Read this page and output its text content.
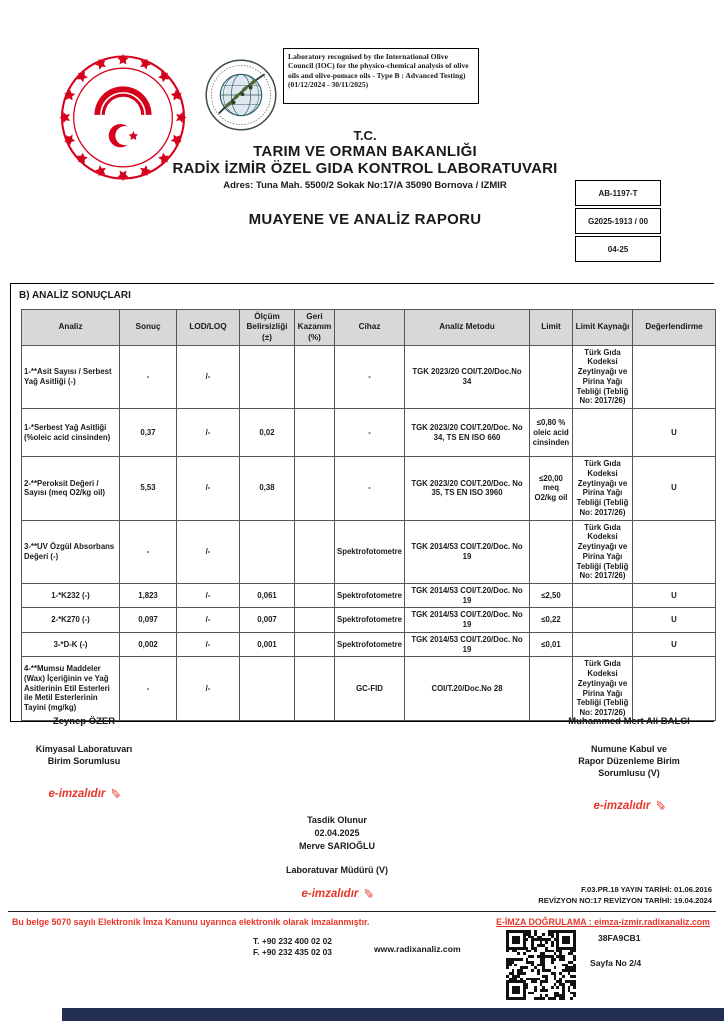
Laboratory recognised by the International Olive Council (IOC) for the physico-chemical analysis of olive oils and olive-pomace oils - Type B : Advanced Testing) (01/12/2024 - 30/11/2025)
T.C.
TARIM VE ORMAN BAKANLIĞI
RADİX İZMİR ÖZEL GIDA KONTROL LABORATUVARI
Adres: Tuna Mah. 5500/2 Sokak No:17/A 35090 Bornova / IZMIR
MUAYENE VE ANALİZ RAPORU
AB-1197-T
G2025-1913 / 00
04-25
B) ANALİZ SONUÇLARI
Analiz	Sonuç	LOD/LOQ	Ölçüm Belirsizliği (±)	Geri Kazanım (%)	Cihaz	Analiz Metodu	Limit	Limit Kaynağı	Değerlendirme
1-**Asit Sayısı / Serbest Yağ Asitliği (-)	-	/-			-	TGK 2023/20 COI/T.20/Doc.No 34		Türk Gıda Kodeksi Zeytinyağı ve Pirina Yağı Tebliği (Tebliğ No: 2017/26)	
1-*Serbest Yağ Asitliği (%oleic acid cinsinden)	0,37	/-	0,02		-	TGK 2023/20 COI/T.20/Doc. No 34, TS EN ISO 660	≤0,80 % oleic acid cinsinden		U
2-**Peroksit Değeri / Sayısı (meq O2/kg oil)	5,53	/-	0,38		-	TGK 2023/20 COI/T.20/Doc. No 35, TS EN ISO 3960	≤20,00 meq O2/kg oil	Türk Gıda Kodeksi Zeytinyağı ve Pirina Yağı Tebliği (Tebliğ No: 2017/26)	U
3-**UV Özgül Absorbans Değeri (-)	-	/-			Spektrofotometre	TGK 2014/53 COI/T.20/Doc. No 19		Türk Gıda Kodeksi Zeytinyağı ve Pirina Yağı Tebliği (Tebliğ No: 2017/26)	
1-*K232 (-)	1,823	/-	0,061		Spektrofotometre	TGK 2014/53 COI/T.20/Doc. No 19	≤2,50		U
2-*K270 (-)	0,097	/-	0,007		Spektrofotometre	TGK 2014/53 COI/T.20/Doc. No 19	≤0,22		U
3-*D-K (-)	0,002	/-	0,001		Spektrofotometre	TGK 2014/53 COI/T.20/Doc. No 19	≤0,01		U
4-**Mumsu Maddeler (Wax) İçeriğinin ve Yağ Asitlerinin Etil Esterleri ile Metil Esterlerinin Tayini (mg/kg)	-	/-			GC-FID	COI/T.20/Doc.No 28		Türk Gıda Kodeksi Zeytinyağı ve Pirina Yağı Tebliği (Tebliğ No: 2017/26)	
Zeynep ÖZER
Kimyasal Laboratuvarı
Birim Sorumlusu
e-imzalıdır ✎
Muhammed Mert Ali BALCI
Numune Kabul ve
Rapor Düzenleme Birim
Sorumlusu (V)
e-imzalıdır ✎
Tasdik Olunur
02.04.2025
Merve SARIOĞLU
Laboratuvar Müdürü (V)
e-imzalıdır ✎	F.03.PR.18 YAYIN TARİHİ: 01.06.2016
REVİZYON NO:17 REVİZYON TARİHİ: 19.04.2024
Bu belge 5070 sayılı Elektronik İmza Kanunu uyarınca elektronik olarak imzalanmıştır.	E-İMZA DOĞRULAMA : eimza-izmir.radixanaliz.com
T. +90 232 400 02 02
F. +90 232 435 02 03	www.radixanaliz.com
38FA9CB1
Sayfa No 2/4
